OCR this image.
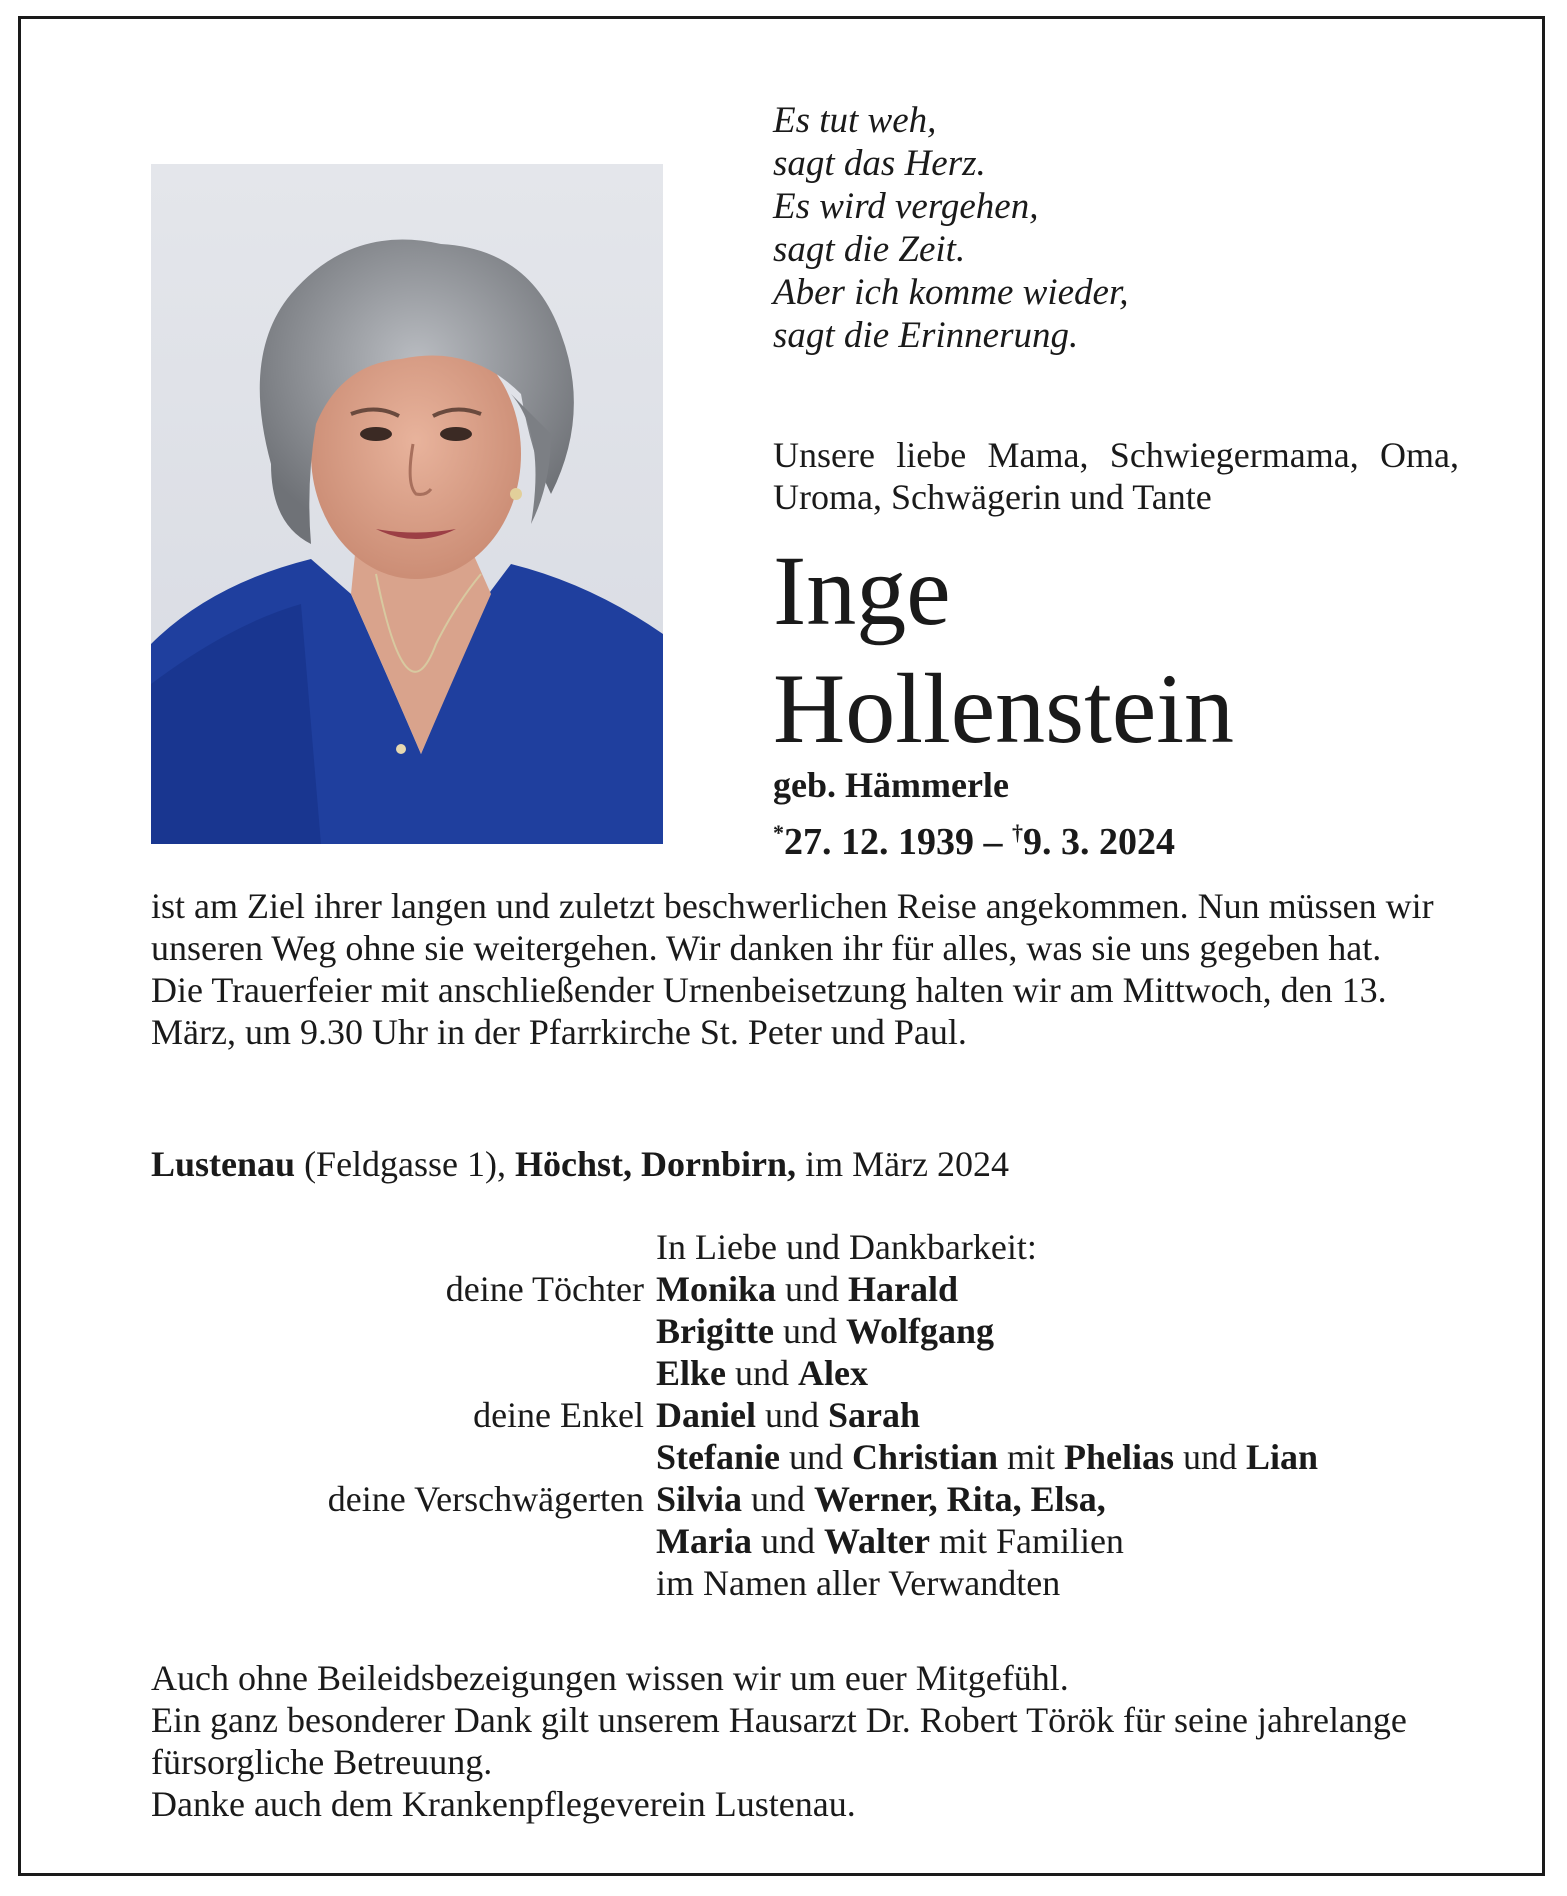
Es tut weh,
sagt das Herz.
Es wird vergehen,
sagt die Zeit.
Aber ich komme wieder,
sagt die Erinnerung.
Unsere liebe Mama, Schwiegermama, Oma, Uroma, Schwägerin und Tante
Inge
Hollenstein
geb. Hämmerle
*27. 12. 1939 – †9. 3. 2024

ist am Ziel ihrer langen und zuletzt beschwerlichen Reise angekommen. Nun müssen wir unseren Weg ohne sie weitergehen. Wir danken ihr für alles, was sie uns gegeben hat.

Die Trauerfeier mit anschließender Urnenbeisetzung halten wir am Mittwoch, den 13. März, um 9.30 Uhr in der Pfarrkirche St. Peter und Paul.

Lustenau (Feldgasse 1), Höchst, Dornbirn, im März 2024
In Liebe und Dankbarkeit:
deine Töchter Monika und Harald
Brigitte und Wolfgang
Elke und Alex
deine Enkel Daniel und Sarah
Stefanie und Christian mit Phelias und Lian
deine Verschwägerten Silvia und Werner, Rita, Elsa,
Maria und Walter mit Familien
im Namen aller Verwandten

Auch ohne Beileidsbezeigungen wissen wir um euer Mitgefühl.

Ein ganz besonderer Dank gilt unserem Hausarzt Dr. Robert Török für seine jahrelange fürsorgliche Betreuung.

Danke auch dem Krankenpflegeverein Lustenau.
